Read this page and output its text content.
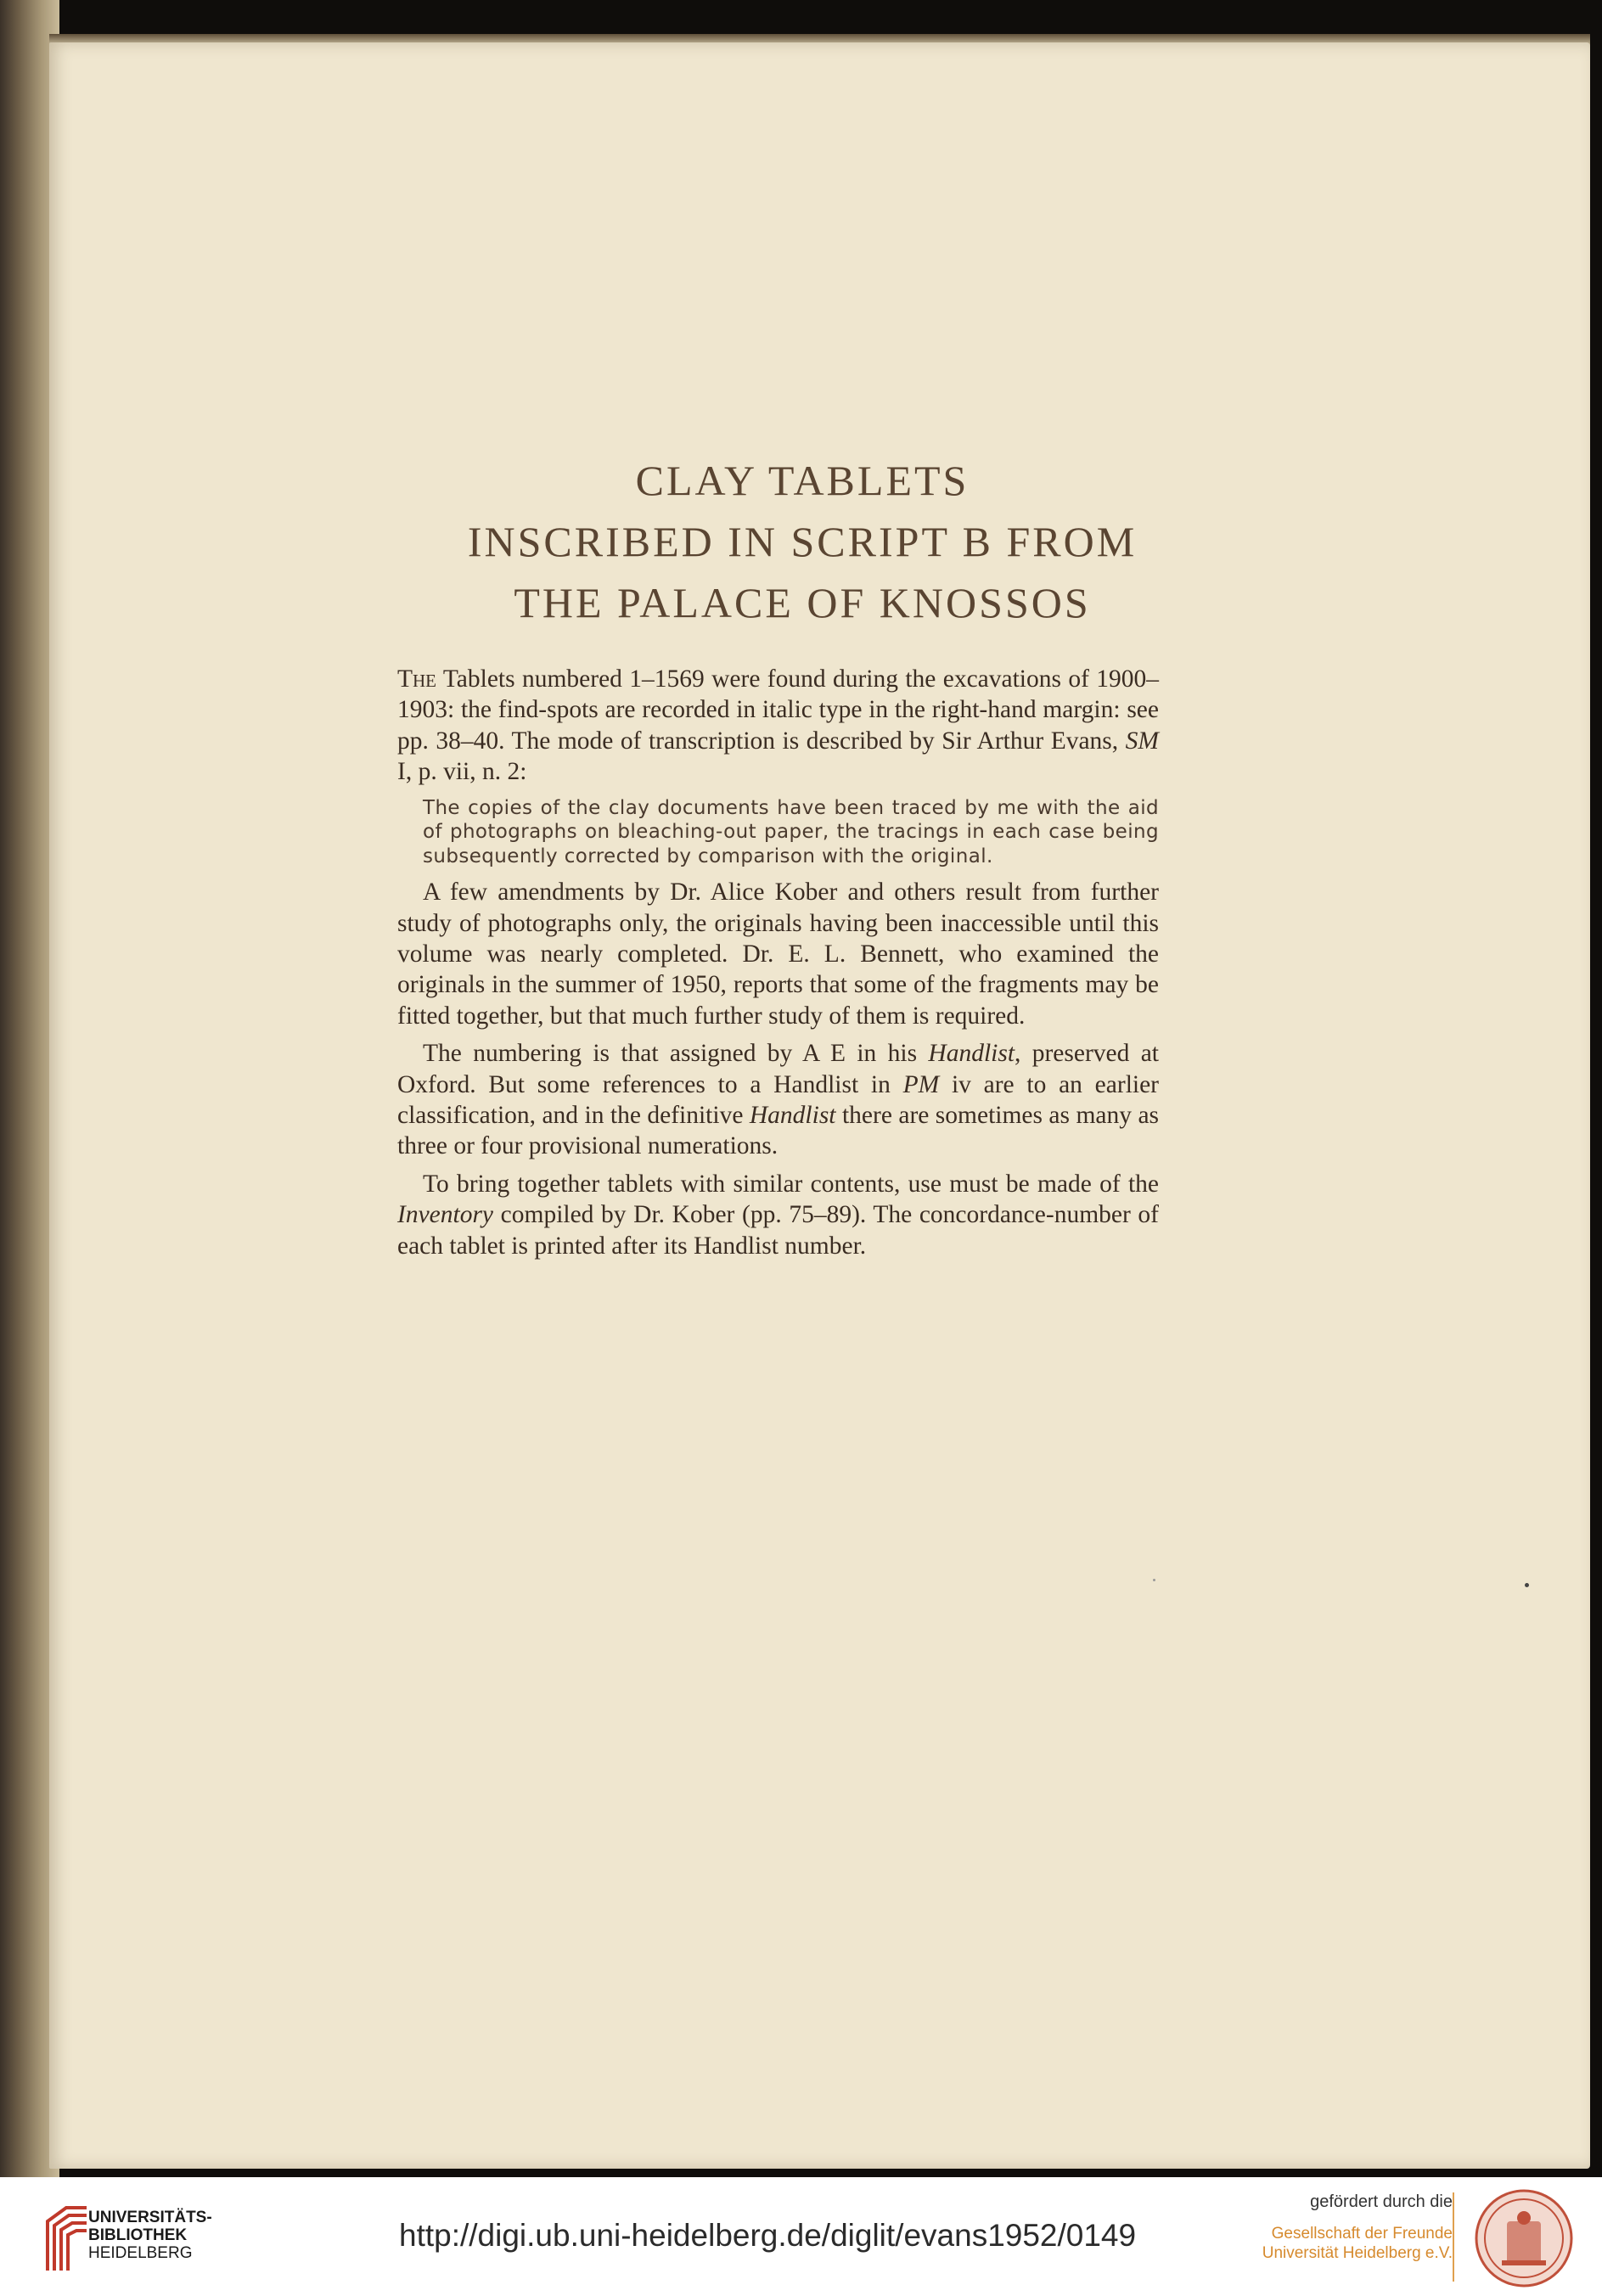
CLAY TABLETS
INSCRIBED IN SCRIPT B FROM
THE PALACE OF KNOSSOS

The Tablets numbered 1–1569 were found during the excavations of 1900–1903: the find-spots are recorded in italic type in the right-hand margin: see pp. 38–40. The mode of transcription is described by Sir Arthur Evans, SM I, p. vii, n. 2:

The copies of the clay documents have been traced by me with the aid of photographs on bleaching-out paper, the tracings in each case being subsequently corrected by comparison with the original.

A few amendments by Dr. Alice Kober and others result from further study of photographs only, the originals having been inaccessible until this volume was nearly completed. Dr. E. L. Bennett, who examined the originals in the summer of 1950, reports that some of the fragments may be fitted together, but that much further study of them is required.

The numbering is that assigned by A E in his Handlist, preserved at Oxford. But some references to a Handlist in PM iv are to an earlier classification, and in the definitive Handlist there are sometimes as many as three or four provisional numerations.

To bring together tablets with similar contents, use must be made of the Inventory compiled by Dr. Kober (pp. 75–89). The concordance-number of each tablet is printed after its Handlist number.

UNIVERSITÄTS-
BIBLIOTHEK
HEIDELBERG
http://digi.ub.uni-heidelberg.de/diglit/evans1952/0149
gefördert durch die
Gesellschaft der Freunde
Universität Heidelberg e.V.
